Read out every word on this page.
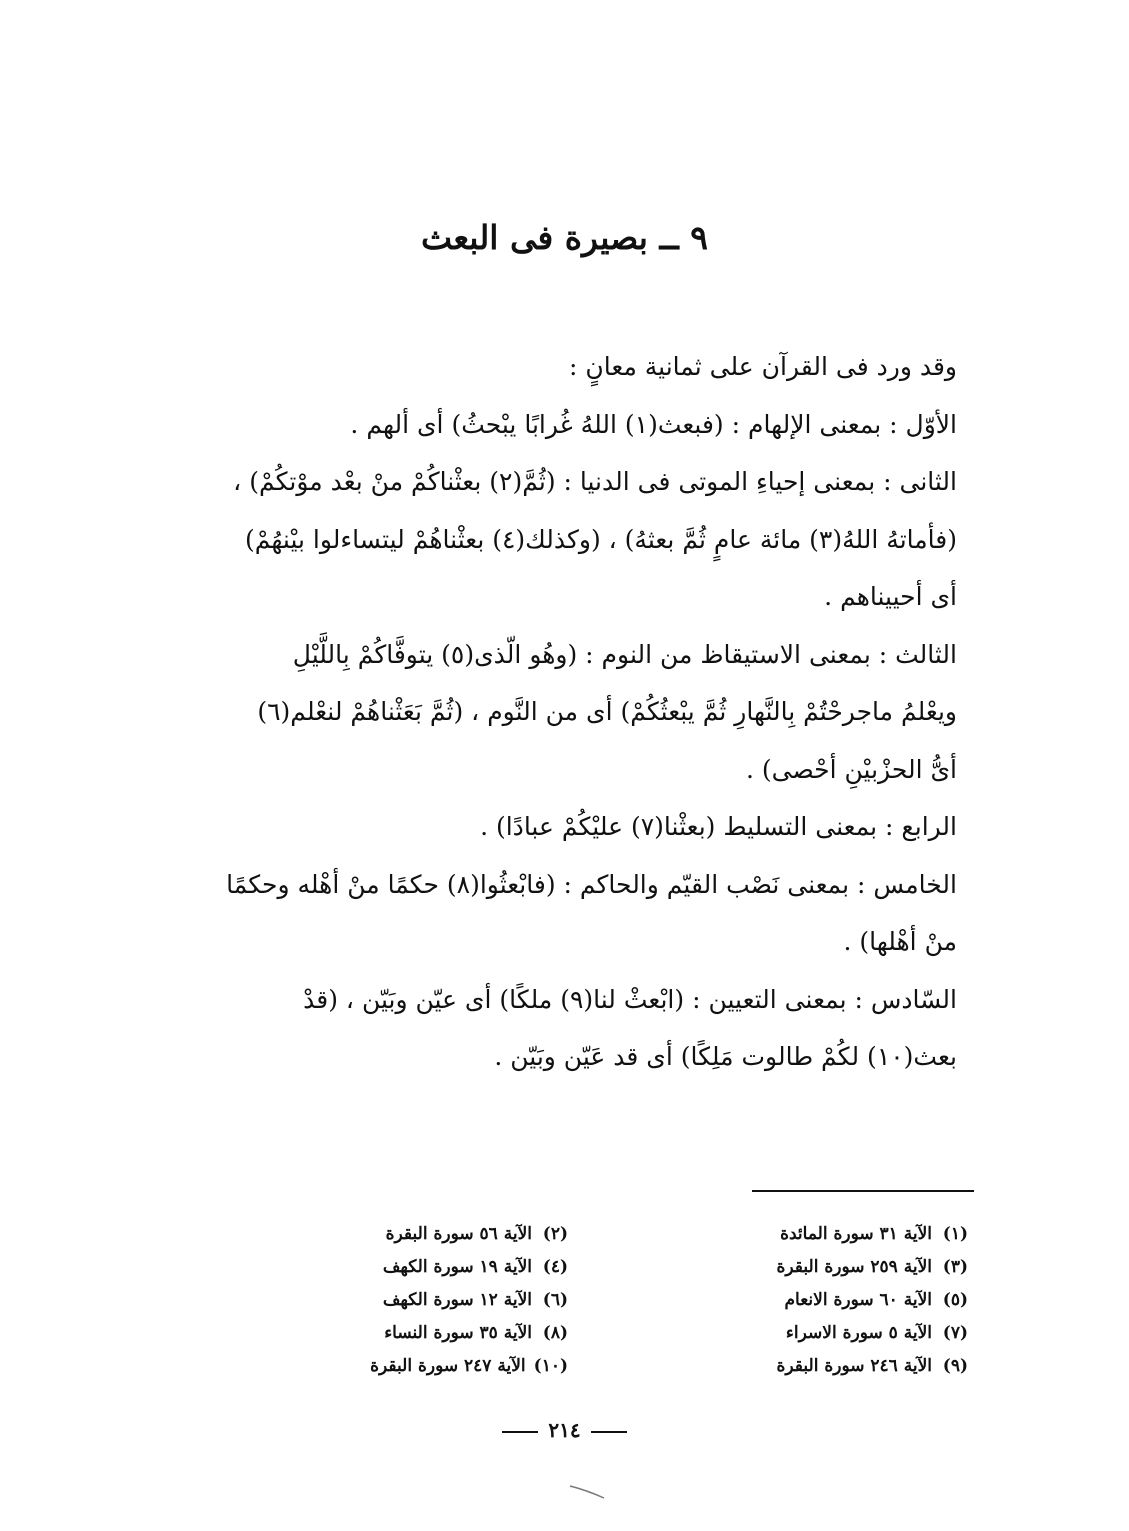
٩ ــ بصيرة فى البعث
وقد ورد فى القرآن على ثمانية معانٍ :
الأوّل : بمعنى الإلهام : (فبعث(١) اللهُ غُرابًا يبْحثُ) أى ألهم .
الثانى : بمعنى إحياءِ الموتى فى الدنيا : (ثُمَّ(٢) بعثْناكُمْ منْ بعْد موْتكُمْ) ،
(فأماتهُ اللهُ(٣) مائة عامٍ ثُمَّ بعثهُ) ، (وكذلك(٤) بعثْناهُمْ ليتساءلوا بيْنهُمْ)
أى أحييناهم .
الثالث : بمعنى الاستيقاظ من النوم : (وهُو الّذى(٥) يتوفَّاكُمْ بِاللَّيْلِ
ويعْلمُ ماجرحْتُمْ بِالنَّهارِ ثُمَّ يبْعثُكُمْ) أى من النَّوم ، (ثُمَّ بَعَثْناهُمْ لنعْلم(٦)
أىُّ الحزْبيْنِ أحْصى) .
الرابع : بمعنى التسليط (بعثْنا(٧) عليْكُمْ عبادًا) .
الخامس : بمعنى نَصْب القيّم والحاكم : (فابْعثُوا(٨) حكمًا منْ أهْله وحكمًا
منْ أهْلها) .
السّادس : بمعنى التعيين : (ابْعثْ لنا(٩) ملكًا) أى عيّن وبَيّن ، (قدْ
بعث(١٠) لكُمْ طالوت مَلِكًا) أى قد عَيّن وبَيّن .
(١)
الآية ٣١ سورة المائدة
(٢)
الآية ٥٦ سورة البقرة
(٣)
الآية ٢٥٩ سورة البقرة
(٤)
الآية ١٩ سورة الكهف
(٥)
الآية ٦٠ سورة الانعام
(٦)
الآية ١٢ سورة الكهف
(٧)
الآية ٥ سورة الاسراء
(٨)
الآية ٣٥ سورة النساء
(٩)
الآية ٢٤٦ سورة البقرة
(١٠)
الآية ٢٤٧ سورة البقرة
٢١٤
